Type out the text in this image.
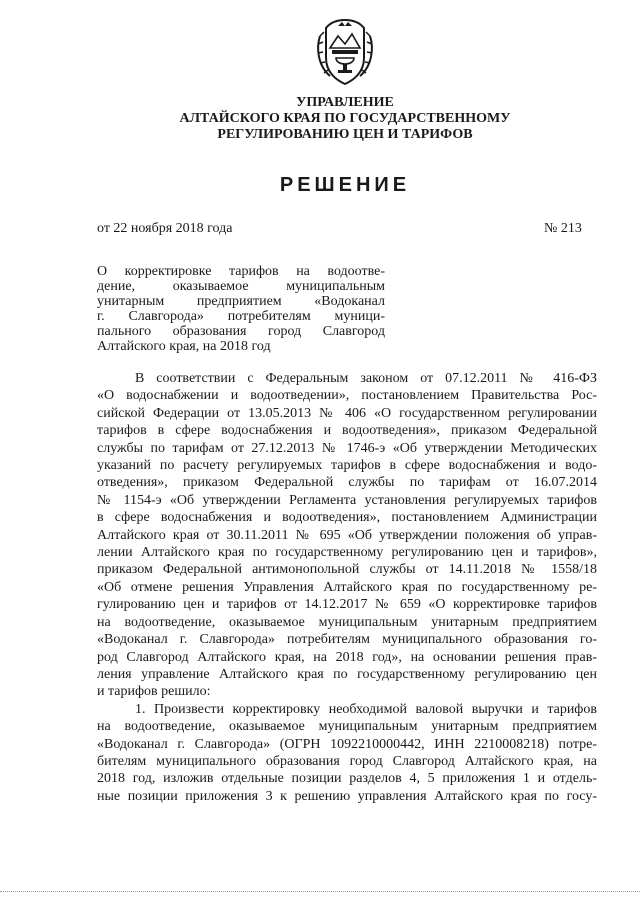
УПРАВЛЕНИЕ
АЛТАЙСКОГО КРАЯ ПО ГОСУДАРСТВЕННОМУ
РЕГУЛИРОВАНИЮ ЦЕН И ТАРИФОВ
РЕШЕНИЕ
от 22 ноября 2018 года	№ 213
О корректировке тарифов на водоотве-
дение, оказываемое муниципальным
унитарным предприятием «Водоканал
г. Славгорода» потребителям муници-
пального образования город Славгород
Алтайского края, на 2018 год
В соответствии с Федеральным законом от 07.12.2011 № 416-ФЗ
«О водоснабжении и водоотведении», постановлением Правительства Рос-
сийской Федерации от 13.05.2013 № 406 «О государственном регулировании
тарифов в сфере водоснабжения и водоотведения», приказом Федеральной
службы по тарифам от 27.12.2013 № 1746-э «Об утверждении Методических
указаний по расчету регулируемых тарифов в сфере водоснабжения и водо-
отведения», приказом Федеральной службы по тарифам от 16.07.2014
№ 1154-э «Об утверждении Регламента установления регулируемых тарифов
в сфере водоснабжения и водоотведения», постановлением Администрации
Алтайского края от 30.11.2011 № 695 «Об утверждении положения об управ-
лении Алтайского края по государственному регулированию цен и тарифов»,
приказом Федеральной антимонопольной службы от 14.11.2018 № 1558/18
«Об отмене решения Управления Алтайского края по государственному ре-
гулированию цен и тарифов от 14.12.2017 № 659 «О корректировке тарифов
на водоотведение, оказываемое муниципальным унитарным предприятием
«Водоканал г. Славгорода» потребителям муниципального образования го-
род Славгород Алтайского края, на 2018 год», на основании решения прав-
ления управление Алтайского края по государственному регулированию цен
и тарифов решило:
1. Произвести корректировку необходимой валовой выручки и тарифов
на водоотведение, оказываемое муниципальным унитарным предприятием
«Водоканал г. Славгорода» (ОГРН 1092210000442, ИНН 2210008218) потре-
бителям муниципального образования город Славгород Алтайского края, на
2018 год, изложив отдельные позиции разделов 4, 5 приложения 1 и отдель-
ные позиции приложения 3 к решению управления Алтайского края по госу-
